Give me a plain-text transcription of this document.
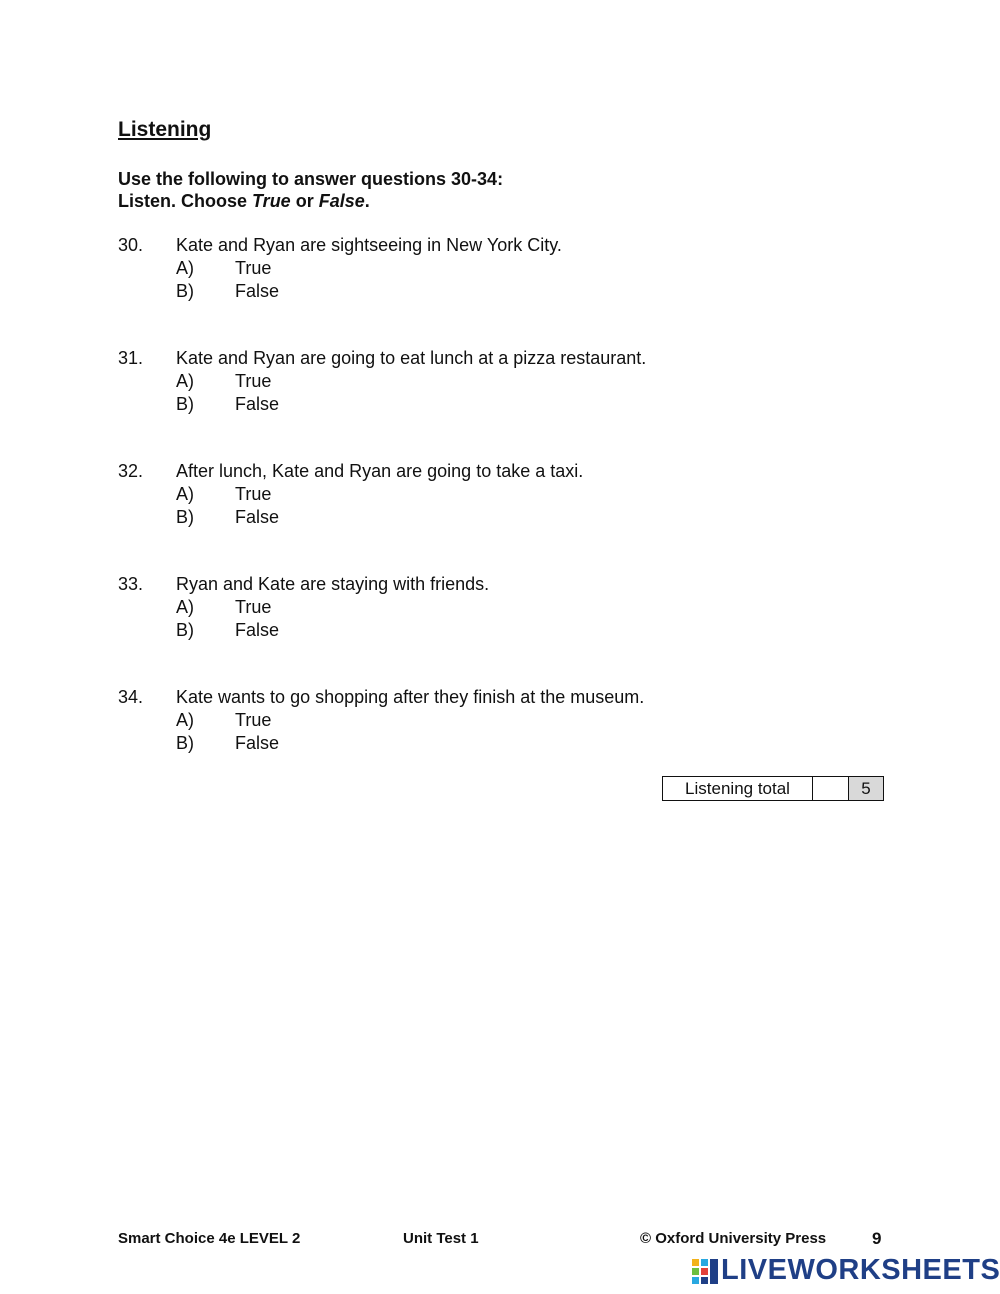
Listening
Use the following to answer questions 30-34:
Listen. Choose True or False.
30.	Kate and Ryan are sightseeing in New York City.
A)	True
B)	False
31.	Kate and Ryan are going to eat lunch at a pizza restaurant.
A)	True
B)	False
32.	After lunch, Kate and Ryan are going to take a taxi.
A)	True
B)	False
33.	Ryan and Kate are staying with friends.
A)	True
B)	False
34.	Kate wants to go shopping after they finish at the museum.
A)	True
B)	False
Listening total	5
Smart Choice 4e LEVEL 2	Unit Test 1	© Oxford University Press	9
LIVEWORKSHEETS
